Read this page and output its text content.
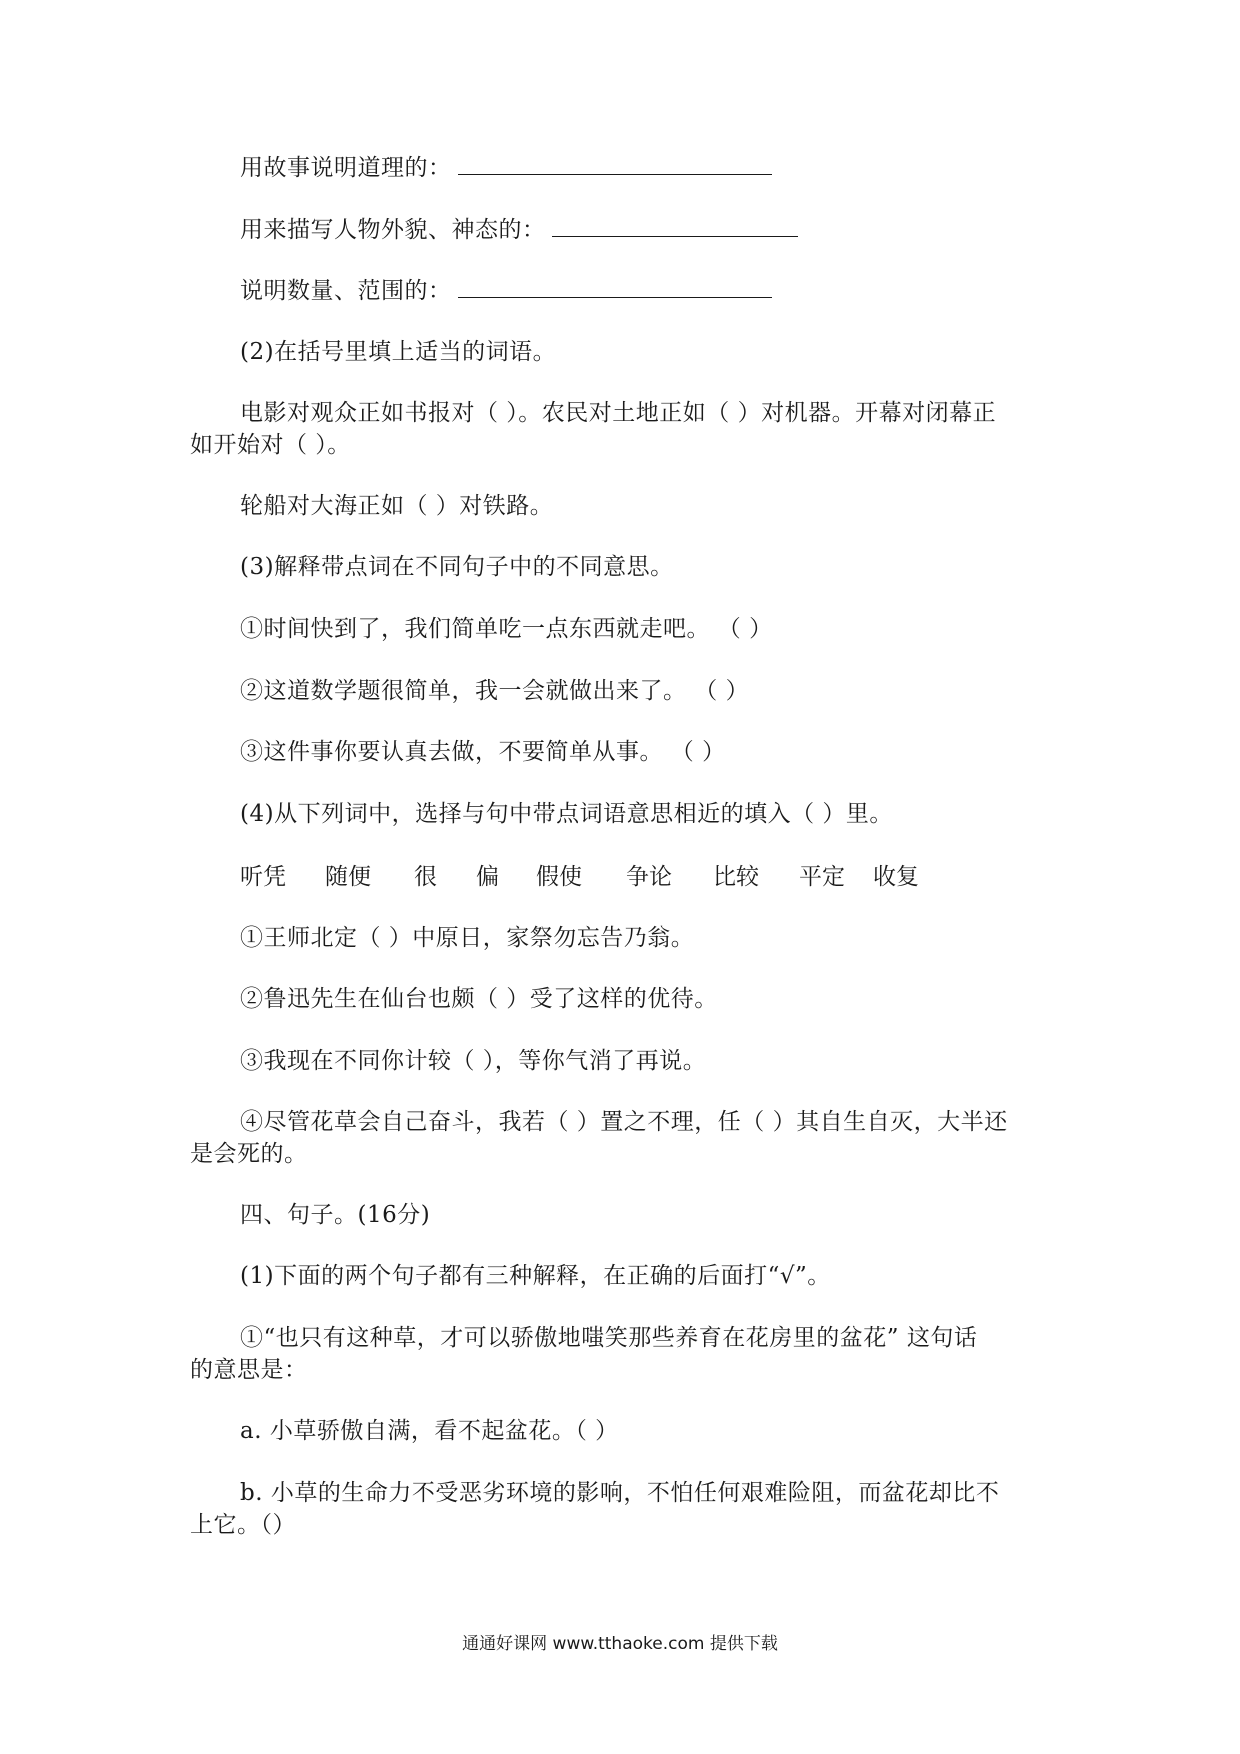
用故事说明道理的：
用来描写人物外貌、神态的：
说明数量、范围的：
(2)在括号里填上适当的词语。
电影对观众正如书报对（ ）。农民对土地正如（ ）对机器。开幕对闭幕正
如开始对（ ）。
轮船对大海正如（ ）对铁路。
(3)解释带点词在不同句子中的不同意思。
①时间快到了，我们简单吃一点东西就走吧。 （ ）
②这道数学题很简单，我一会就做出来了。 （ ）
③这件事你要认真去做，不要简单从事。 （ ）
(4)从下列词中，选择与句中带点词语意思相近的填入（ ）里。
听凭 随便 很 偏 假使 争论 比较 平定 收复
①王师北定（ ）中原日，家祭勿忘告乃翁。
②鲁迅先生在仙台也颇（ ）受了这样的优待。
③我现在不同你计较（ ），等你气消了再说。
④尽管花草会自己奋斗，我若（ ）置之不理，任（ ）其自生自灭，大半还
是会死的。
四、句子。(16分)
(1)下面的两个句子都有三种解释，在正确的后面打“√”。
①“也只有这种草，才可以骄傲地嗤笑那些养育在花房里的盆花” 这句话
的意思是：
a. 小草骄傲自满，看不起盆花。（ ）
b. 小草的生命力不受恶劣环境的影响，不怕任何艰难险阻，而盆花却比不
上它。（）
通通好课网 www.tthaoke.com 提供下载
